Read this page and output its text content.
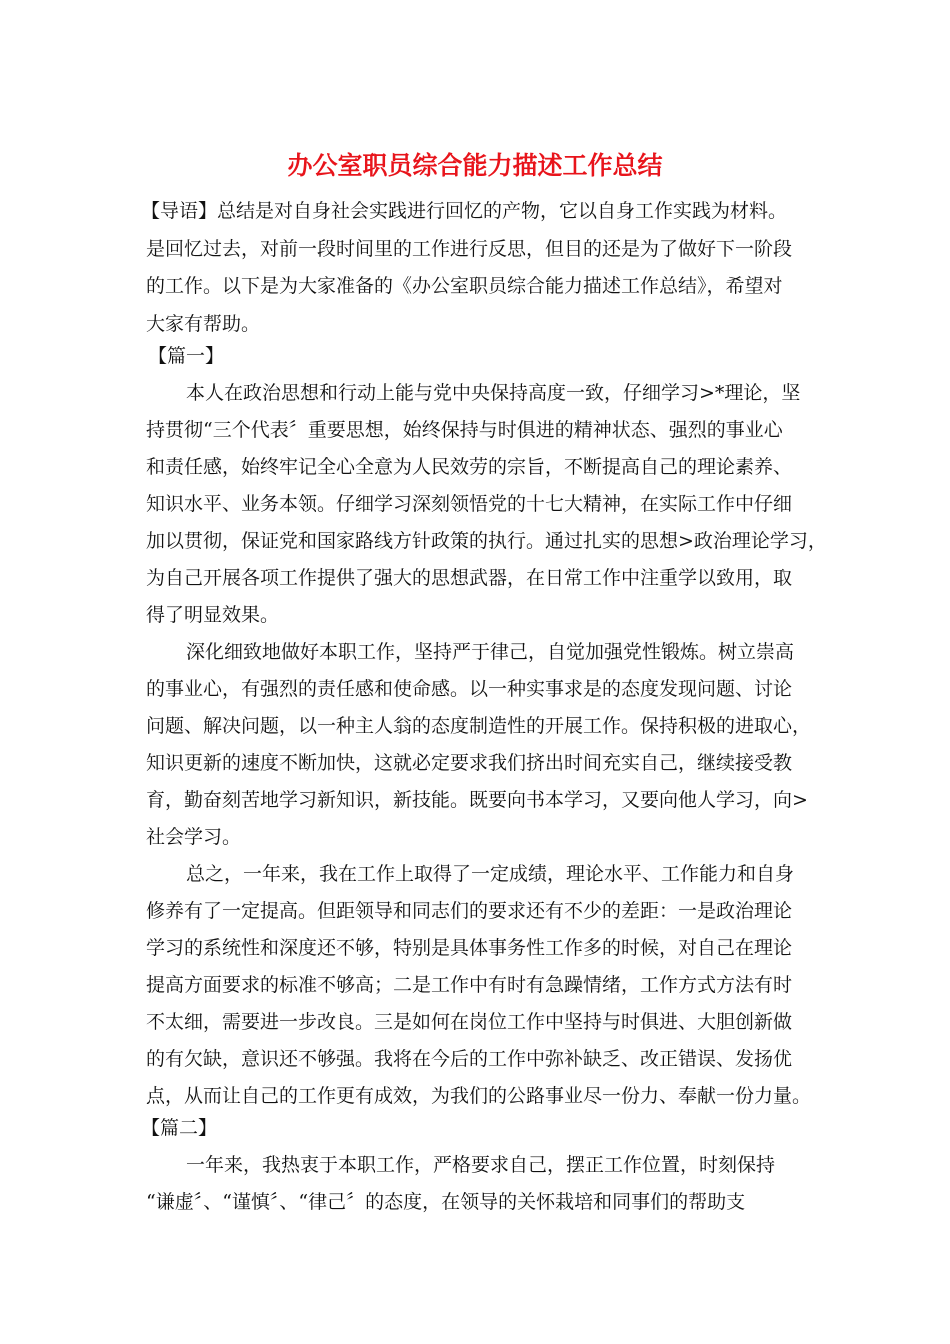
办公室职员综合能力描述工作总结
【导语】总结是对自身社会实践进行回忆的产物，它以自身工作实践为材料。
是回忆过去，对前一段时间里的工作进行反思，但目的还是为了做好下一阶段
的工作。以下是为大家准备的《办公室职员综合能力描述工作总结》，希望对
大家有帮助。
【篇一】
本人在政治思想和行动上能与党中央保持高度一致，仔细学习>*理论，坚
持贯彻“三个代表〞重要思想，始终保持与时俱进的精神状态、强烈的事业心
和责任感，始终牢记全心全意为人民效劳的宗旨，不断提高自己的理论素养、
知识水平、业务本领。仔细学习深刻领悟党的十七大精神，在实际工作中仔细
加以贯彻，保证党和国家路线方针政策的执行。通过扎实的思想>政治理论学习，
为自己开展各项工作提供了强大的思想武器，在日常工作中注重学以致用，取
得了明显效果。
深化细致地做好本职工作，坚持严于律己，自觉加强党性锻炼。树立崇高
的事业心，有强烈的责任感和使命感。以一种实事求是的态度发现问题、讨论
问题、解决问题，以一种主人翁的态度制造性的开展工作。保持积极的进取心，
知识更新的速度不断加快，这就必定要求我们挤出时间充实自己，继续接受教
育，勤奋刻苦地学习新知识，新技能。既要向书本学习，又要向他人学习，向>
社会学习。
总之，一年来，我在工作上取得了一定成绩，理论水平、工作能力和自身
修养有了一定提高。但距领导和同志们的要求还有不少的差距：一是政治理论
学习的系统性和深度还不够，特别是具体事务性工作多的时候，对自己在理论
提高方面要求的标准不够高；二是工作中有时有急躁情绪，工作方式方法有时
不太细，需要进一步改良。三是如何在岗位工作中坚持与时俱进、大胆创新做
的有欠缺，意识还不够强。我将在今后的工作中弥补缺乏、改正错误、发扬优
点，从而让自己的工作更有成效，为我们的公路事业尽一份力、奉献一份力量。
【篇二】
一年来，我热衷于本职工作，严格要求自己，摆正工作位置，时刻保持
“谦虚〞、“谨慎〞、“律己〞的态度，在领导的关怀栽培和同事们的帮助支
